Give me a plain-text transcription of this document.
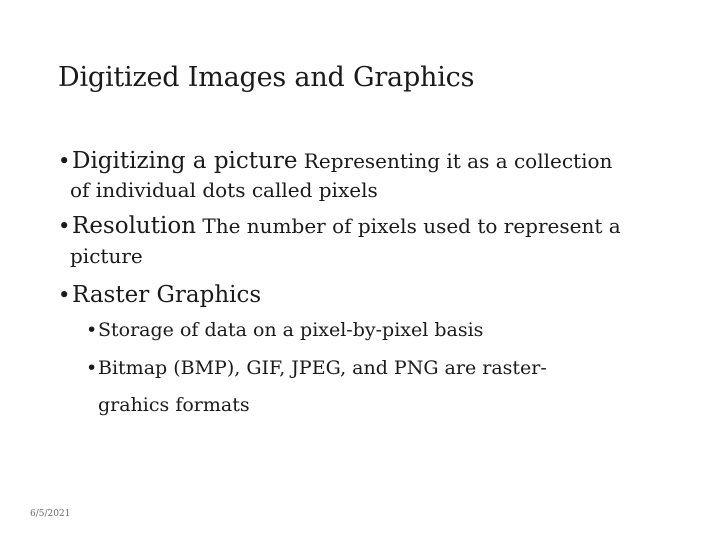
Digitized Images and Graphics
•Digitizing a picture Representing it as a collection
of individual dots called pixels
•Resolution The number of pixels used to represent a
picture
•Raster Graphics
•Storage of data on a pixel-by-pixel basis
•Bitmap (BMP), GIF, JPEG, and PNG are raster-
grahics formats
6/5/2021
